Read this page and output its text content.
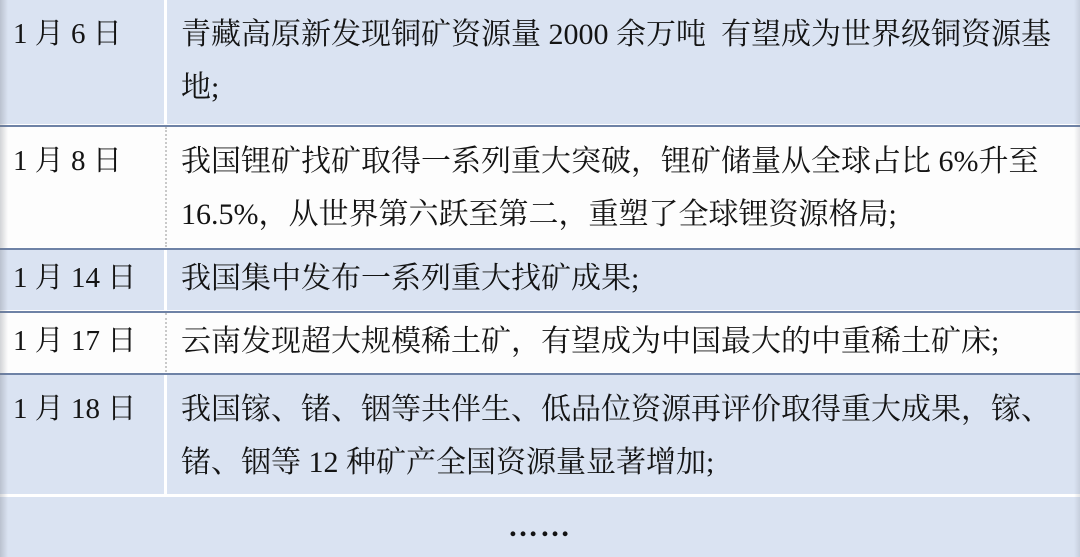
1 月 6 日	青藏高原新发现铜矿资源量 2000 余万吨  有望成为世界级铜资源基地;
1 月 8 日	我国锂矿找矿取得一系列重大突破，锂矿储量从全球占比 6%升至 16.5%，从世界第六跃至第二，重塑了全球锂资源格局;
1 月 14 日	我国集中发布一系列重大找矿成果;
1 月 17 日	云南发现超大规模稀土矿，有望成为中国最大的中重稀土矿床;
1 月 18 日	我国镓、锗、铟等共伴生、低品位资源再评价取得重大成果，镓、锗、铟等 12 种矿产全国资源量显著增加;
……
